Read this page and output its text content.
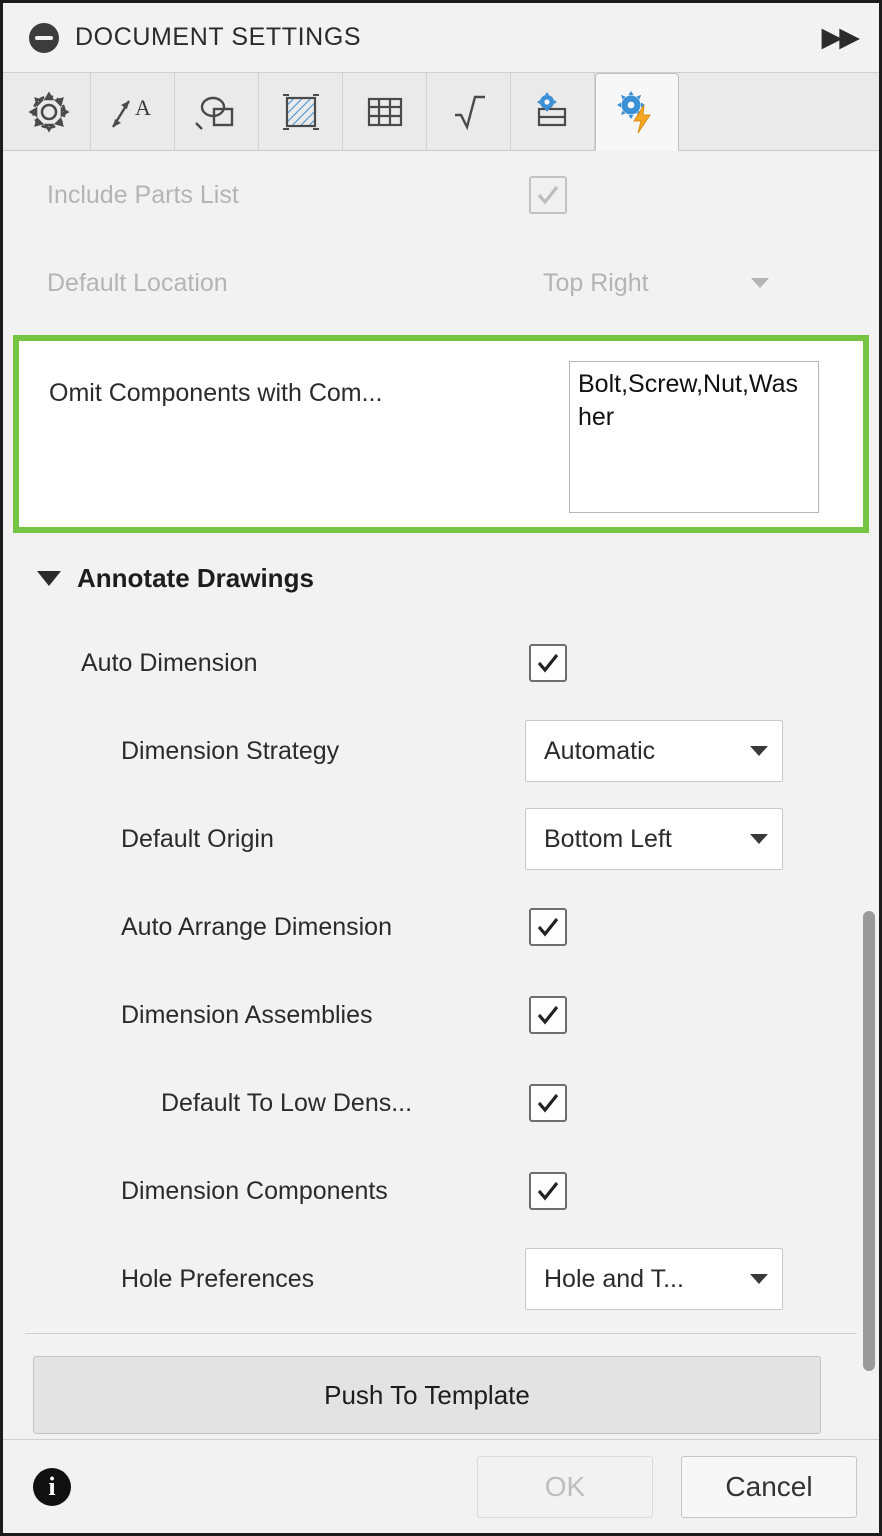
DOCUMENT SETTINGS	▶▶
A
Include Parts List
Default Location	Top Right
Omit Components with Com...	Bolt,Screw,Nut,Washer
Annotate Drawings
Auto Dimension
Dimension Strategy	Automatic
Default Origin	Bottom Left
Auto Arrange Dimension
Dimension Assemblies
Default To Low Dens...
Dimension Components
Hole Preferences	Hole and T...
Push To Template
i	OK	Cancel
